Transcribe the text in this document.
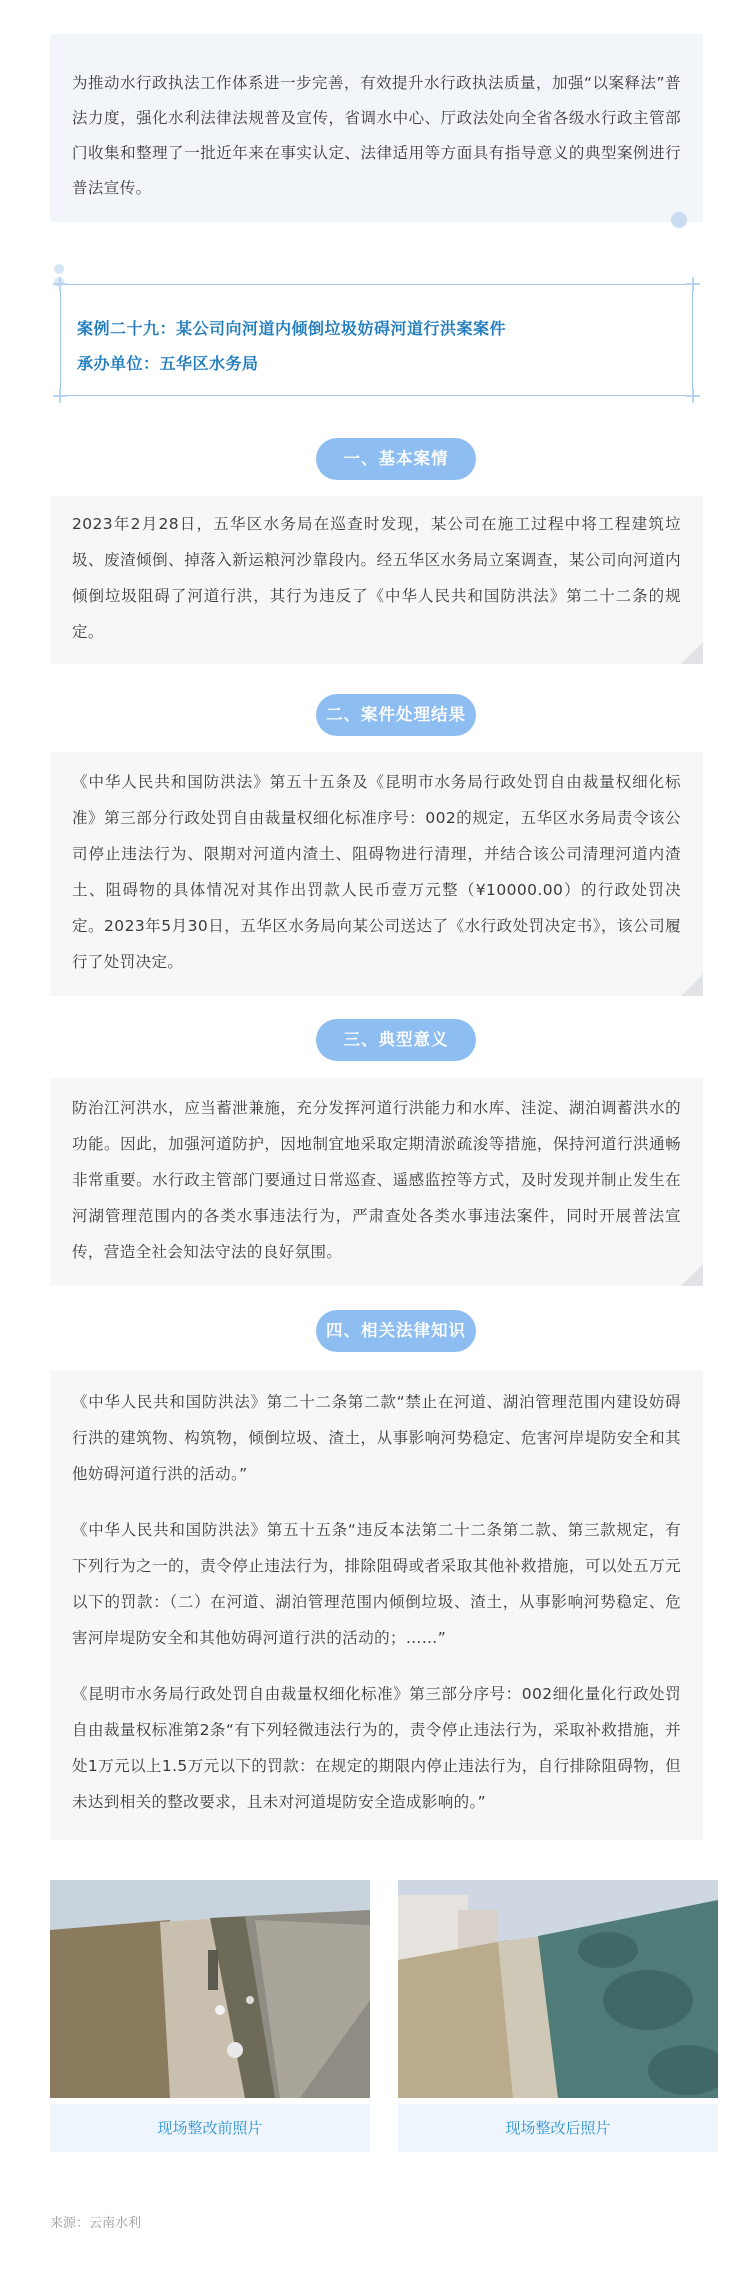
为推动水行政执法工作体系进一步完善，有效提升水行政执法质量，加强“以案释法”普法力度，强化水利法律法规普及宣传，省调水中心、厅政法处向全省各级水行政主管部门收集和整理了一批近年来在事实认定、法律适用等方面具有指导意义的典型案例进行普法宣传。

案例二十九：某公司向河道内倾倒垃圾妨碍河道行洪案案件
承办单位：五华区水务局
一、基本案情

2023年2月28日，五华区水务局在巡查时发现，某公司在施工过程中将工程建筑垃圾、废渣倾倒、掉落入新运粮河沙靠段内。经五华区水务局立案调查，某公司向河道内倾倒垃圾阻碍了河道行洪，其行为违反了《中华人民共和国防洪法》第二十二条的规定。

二、案件处理结果

《中华人民共和国防洪法》第五十五条及《昆明市水务局行政处罚自由裁量权细化标准》第三部分行政处罚自由裁量权细化标准序号：002的规定，五华区水务局责令该公司停止违法行为、限期对河道内渣土、阻碍物进行清理，并结合该公司清理河道内渣土、阻碍物的具体情况对其作出罚款人民币壹万元整（¥10000.00）的行政处罚决定。2023年5月30日，五华区水务局向某公司送达了《水行政处罚决定书》，该公司履行了处罚决定。

三、典型意义

防治江河洪水，应当蓄泄兼施，充分发挥河道行洪能力和水库、洼淀、湖泊调蓄洪水的功能。因此，加强河道防护，因地制宜地采取定期清淤疏浚等措施，保持河道行洪通畅非常重要。水行政主管部门要通过日常巡查、遥感监控等方式，及时发现并制止发生在河湖管理范围内的各类水事违法行为，严肃查处各类水事违法案件，同时开展普法宣传，营造全社会知法守法的良好氛围。

四、相关法律知识

《中华人民共和国防洪法》第二十二条第二款“禁止在河道、湖泊管理范围内建设妨碍行洪的建筑物、构筑物，倾倒垃圾、渣土，从事影响河势稳定、危害河岸堤防安全和其他妨碍河道行洪的活动。”

《中华人民共和国防洪法》第五十五条“违反本法第二十二条第二款、第三款规定，有下列行为之一的，责令停止违法行为，排除阻碍或者采取其他补救措施，可以处五万元以下的罚款：（二）在河道、湖泊管理范围内倾倒垃圾、渣土，从事影响河势稳定、危害河岸堤防安全和其他妨碍河道行洪的活动的；……”

《昆明市水务局行政处罚自由裁量权细化标准》第三部分序号：002细化量化行政处罚自由裁量权标准第2条“有下列轻微违法行为的，责令停止违法行为，采取补救措施，并处1万元以上1.5万元以下的罚款：在规定的期限内停止违法行为，自行排除阻碍物，但未达到相关的整改要求，且未对河道堤防安全造成影响的。”

现场整改前照片	现场整改后照片
来源：云南水利
